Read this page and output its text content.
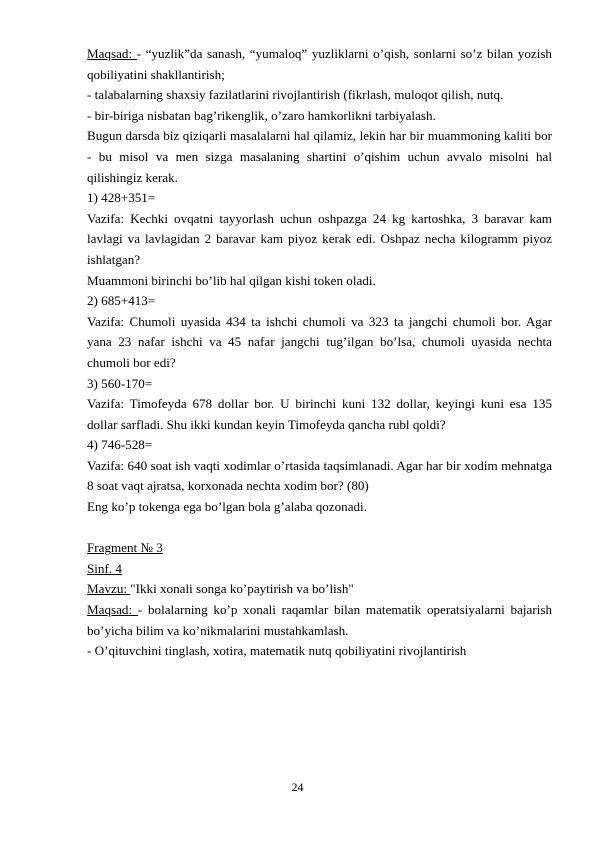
Maqsad: - “yuzlik”da sanash, “yumaloq” yuzliklarni o’qish, sonlarni so’z bilan yozish qobiliyatini shakllantirish;

- talabalarning shaxsiy fazilatlarini rivojlantirish (fikrlash, muloqot qilish, nutq.

- bir-biriga nisbatan bag’rikenglik, o’zaro hamkorlikni tarbiyalash.

Bugun darsda biz qiziqarli masalalarni hal qilamiz, lekin har bir muammoning kaliti bor - bu misol va men sizga masalaning shartini o’qishim uchun avvalo misolni hal qilishingiz kerak.

1) 428+351=

Vazifa: Kechki ovqatni tayyorlash uchun oshpazga 24 kg kartoshka, 3 baravar kam lavlagi va lavlagidan 2 baravar kam piyoz kerak edi. Oshpaz necha kilogramm piyoz ishlatgan?

Muammoni birinchi bo’lib hal qilgan kishi token oladi.

2) 685+413=

Vazifa: Chumoli uyasida 434 ta ishchi chumoli va 323 ta jangchi chumoli bor. Agar yana 23 nafar ishchi va 45 nafar jangchi tug’ilgan bo’lsa, chumoli uyasida nechta chumoli bor edi?

3) 560-170=

Vazifa: Timofeyda 678 dollar bor. U birinchi kuni 132 dollar, keyingi kuni esa 135 dollar sarfladi. Shu ikki kundan keyin Timofeyda qancha rubl qoldi?

4) 746-528=

Vazifa: 640 soat ish vaqti xodimlar o’rtasida taqsimlanadi. Agar har bir xodim mehnatga 8 soat vaqt ajratsa, korxonada nechta xodim bor? (80)

Eng ko’p tokenga ega bo’lgan bola g’alaba qozonadi.

Fragment № 3

Sinf. 4

Mavzu: "Ikki xonali songa ko’paytirish va bo’lish"

Maqsad: - bolalarning ko’p xonali raqamlar bilan matematik operatsiyalarni bajarish bo’yicha bilim va ko’nikmalarini mustahkamlash.

- O’qituvchini tinglash, xotira, matematik nutq qobiliyatini rivojlantirish

24
